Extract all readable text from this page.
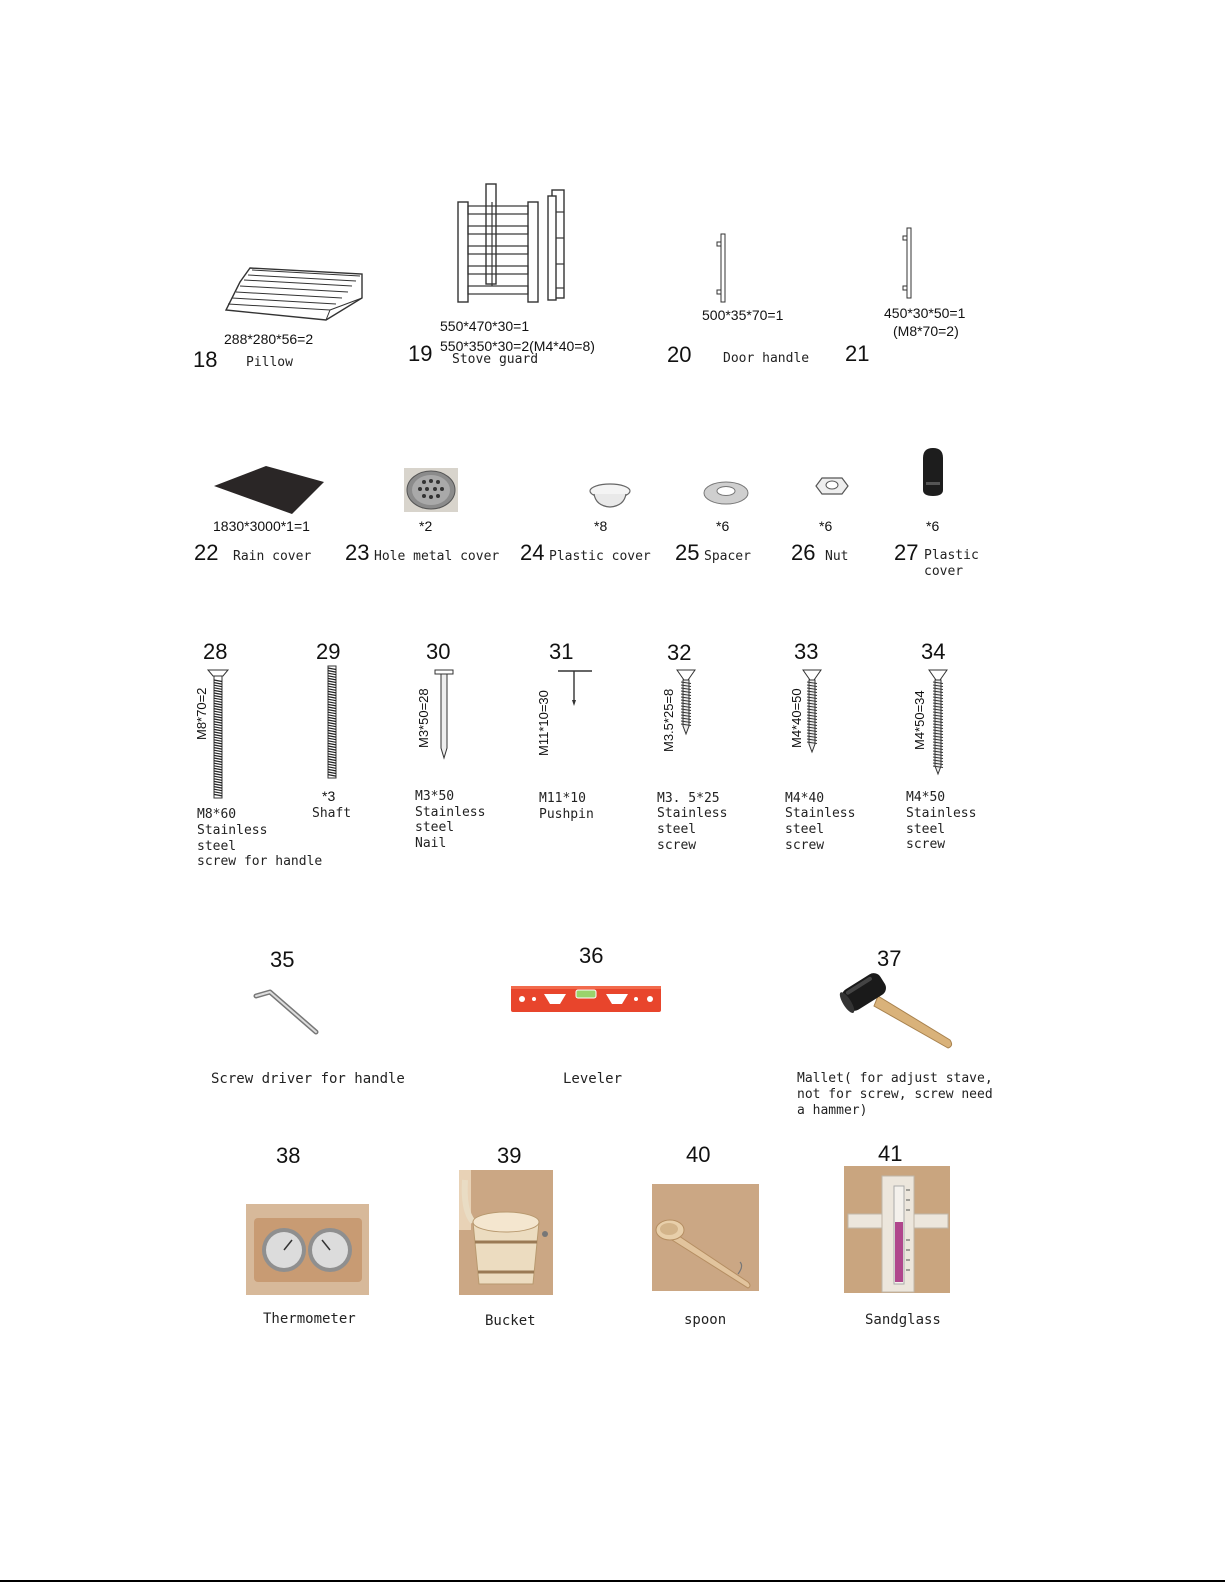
288*280*56=2
18 Pillow
550*470*30=1
550*350*30=2(M4*40=8)
19 Stove guard
500*35*70=1
20 Door handle
450*30*50=1
(M8*70=2)
21
1830*3000*1=1
22 Rain cover
*2
23 Hole metal cover
*8
24 Plastic cover
*6
25 Spacer
*6
26 Nut
*6
27 Plastic
cover
28
M8*70=2
M8*60
Stainless
steel
screw for handle
29
*3
Shaft
30
M3*50=28
M3*50
Stainless
steel
Nail
31
M11*10=30
M11*10
Pushpin
32
M3.5*25=8
M3. 5*25
Stainless
steel
screw
33
M4*40=50
M4*40
Stainless
steel
screw
34
M4*50=34
M4*50
Stainless
steel
screw
35
Screw driver for handle
36
Leveler
37
Mallet( for adjust stave,
not for screw, screw need
a hammer)
38
Thermometer
39
Bucket
40
spoon
41
Sandglass
